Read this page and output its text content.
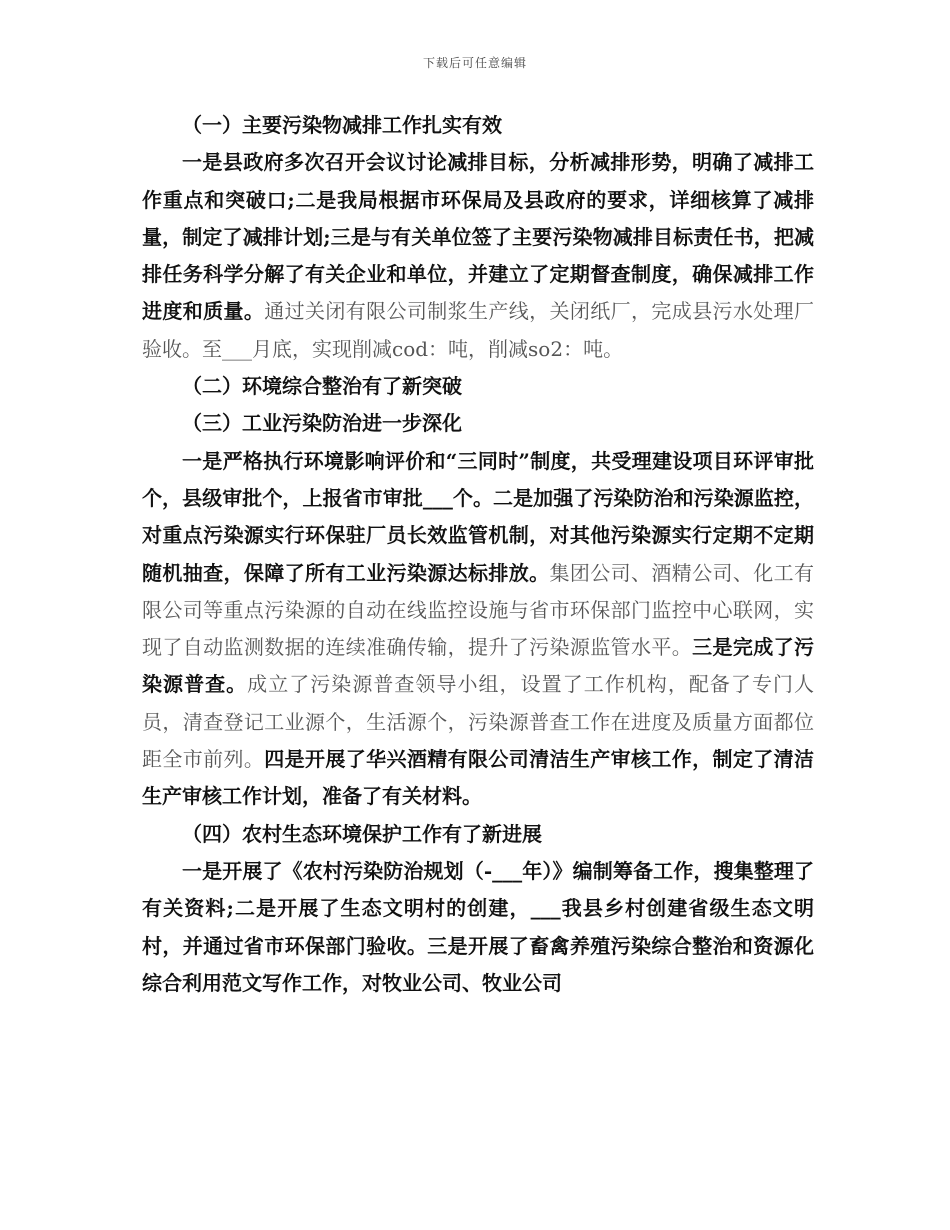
下载后可任意编辑

（一）主要污染物减排工作扎实有效

一是县政府多次召开会议讨论减排目标，分析减排形势，明确了减排工作重点和突破口;二是我局根据市环保局及县政府的要求，详细核算了减排量，制定了减排计划;三是与有关单位签了主要污染物减排目标责任书，把减排任务科学分解了有关企业和单位，并建立了定期督查制度，确保减排工作进度和质量。通过关闭有限公司制浆生产线，关闭纸厂，完成县污水处理厂验收。至___月底，实现削减cod：吨，削减so2：吨。

（二）环境综合整治有了新突破

（三）工业污染防治进一步深化

一是严格执行环境影响评价和“三同时”制度，共受理建设项目环评审批个，县级审批个，上报省市审批___个。二是加强了污染防治和污染源监控，对重点污染源实行环保驻厂员长效监管机制，对其他污染源实行定期不定期随机抽查，保障了所有工业污染源达标排放。集团公司、酒精公司、化工有限公司等重点污染源的自动在线监控设施与省市环保部门监控中心联网，实现了自动监测数据的连续准确传输，提升了污染源监管水平。三是完成了污染源普查。成立了污染源普查领导小组，设置了工作机构，配备了专门人员，清查登记工业源个，生活源个，污染源普查工作在进度及质量方面都位距全市前列。四是开展了华兴酒精有限公司清洁生产审核工作，制定了清洁生产审核工作计划，准备了有关材料。

（四）农村生态环境保护工作有了新进展

一是开展了《农村污染防治规划（-___年）》编制筹备工作，搜集整理了有关资料;二是开展了生态文明村的创建，___我县乡村创建省级生态文明村，并通过省市环保部门验收。三是开展了畜禽养殖污染综合整治和资源化综合利用范文写作工作，对牧业公司、牧业公司
